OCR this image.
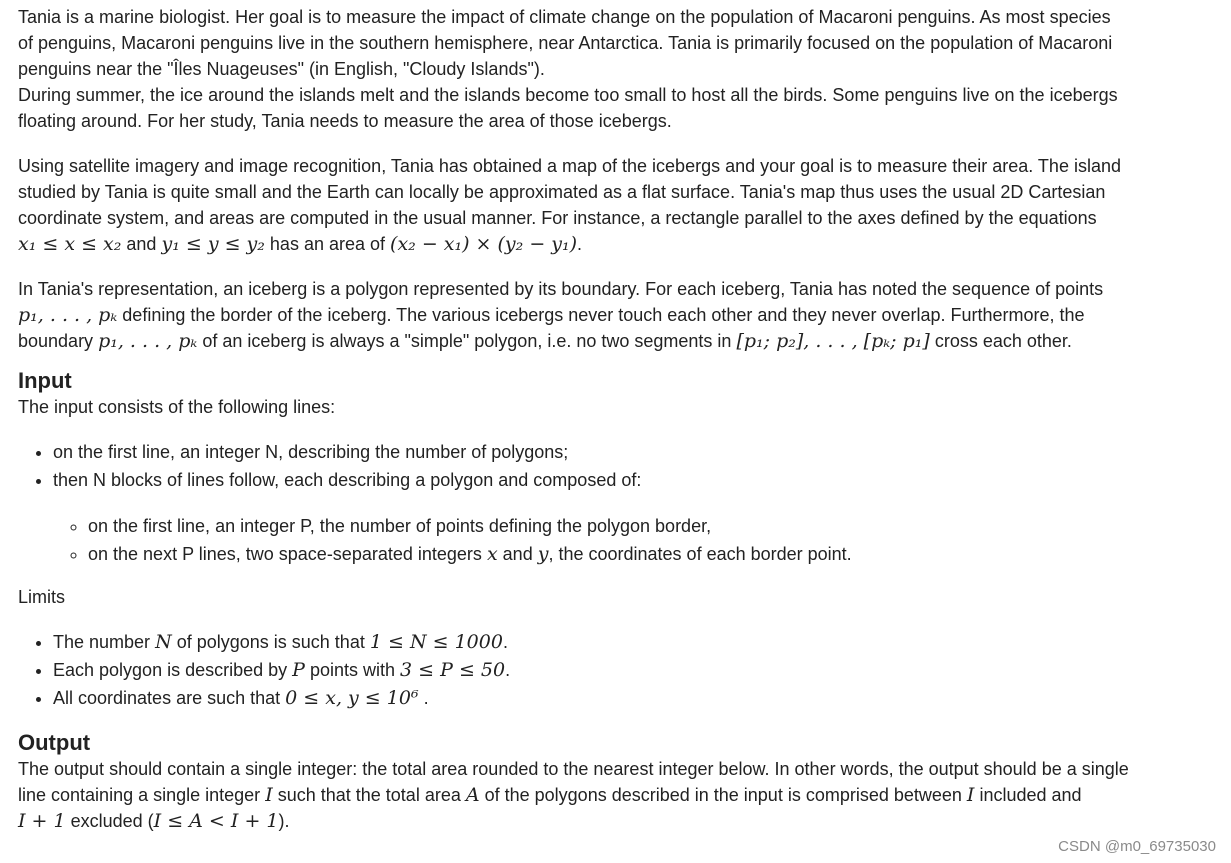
Tania is a marine biologist. Her goal is to measure the impact of climate change on the population of Macaroni penguins. As most species
of penguins, Macaroni penguins live in the southern hemisphere, near Antarctica. Tania is primarily focused on the population of Macaroni
penguins near the "Îles Nuageuses" (in English, "Cloudy Islands").
During summer, the ice around the islands melt and the islands become too small to host all the birds. Some penguins live on the icebergs
floating around. For her study, Tania needs to measure the area of those icebergs.

Using satellite imagery and image recognition, Tania has obtained a map of the icebergs and your goal is to measure their area. The island
studied by Tania is quite small and the Earth can locally be approximated as a flat surface. Tania's map thus uses the usual 2D Cartesian
coordinate system, and areas are computed in the usual manner. For instance, a rectangle parallel to the axes defined by the equations
x₁ ≤ x ≤ x₂ and y₁ ≤ y ≤ y₂ has an area of (x₂ − x₁) × (y₂ − y₁).

In Tania's representation, an iceberg is a polygon represented by its boundary. For each iceberg, Tania has noted the sequence of points
p₁, . . . , pₖ defining the border of the iceberg. The various icebergs never touch each other and they never overlap. Furthermore, the
boundary p₁, . . . , pₖ of an iceberg is always a "simple" polygon, i.e. no two segments in [p₁; p₂], . . . , [pₖ; p₁] cross each other.

Input

The input consists of the following lines:

• on the first line, an integer N, describing the number of polygons;
• then N blocks of lines follow, each describing a polygon and composed of:
◦ on the first line, an integer P, the number of points defining the polygon border,
◦ on the next P lines, two space-separated integers x and y, the coordinates of each border point.

Limits

• The number N of polygons is such that 1 ≤ N ≤ 1000.
• Each polygon is described by P points with 3 ≤ P ≤ 50.
• All coordinates are such that 0 ≤ x, y ≤ 10⁶ .
Output

The output should contain a single integer: the total area rounded to the nearest integer below. In other words, the output should be a single
line containing a single integer I such that the total area A of the polygons described in the input is comprised between I included and
I + 1 excluded (I ≤ A < I + 1).

CSDN @m0_69735030
